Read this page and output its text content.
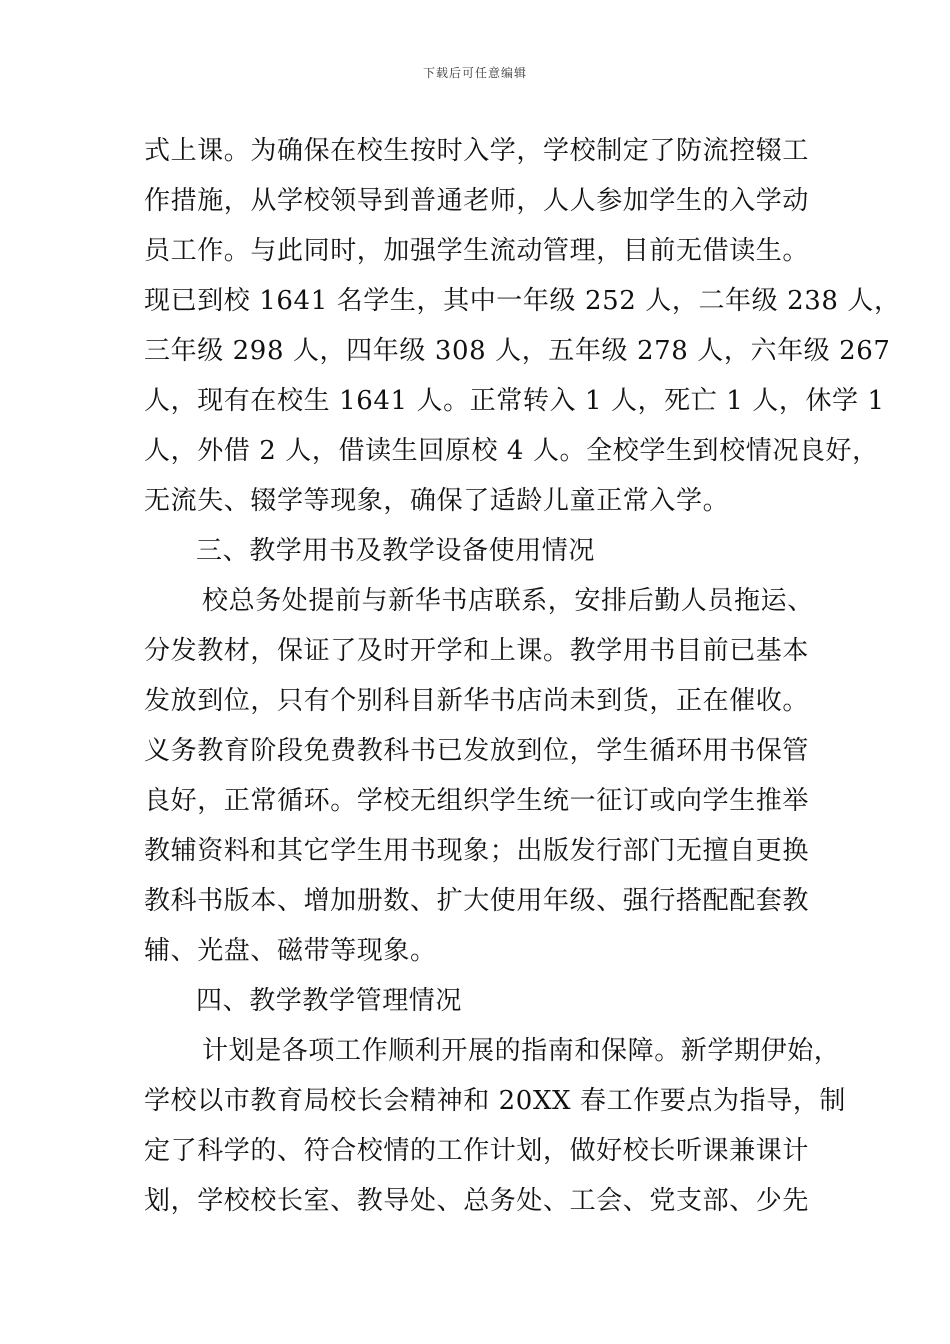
下载后可任意编辑
式上课。为确保在校生按时入学，学校制定了防流控辍工
作措施，从学校领导到普通老师，人人参加学生的入学动
员工作。与此同时，加强学生流动管理，目前无借读生。
现已到校 1641 名学生，其中一年级 252 人，二年级 238 人，
三年级 298 人，四年级 308 人，五年级 278 人，六年级 267
人，现有在校生 1641 人。正常转入 1 人，死亡 1 人，休学 1
人，外借 2 人，借读生回原校 4 人。全校学生到校情况良好，
无流失、辍学等现象，确保了适龄儿童正常入学。
三、教学用书及教学设备使用情况
校总务处提前与新华书店联系，安排后勤人员拖运、
分发教材，保证了及时开学和上课。教学用书目前已基本
发放到位，只有个别科目新华书店尚未到货，正在催收。
义务教育阶段免费教科书已发放到位，学生循环用书保管
良好，正常循环。学校无组织学生统一征订或向学生推举
教辅资料和其它学生用书现象；出版发行部门无擅自更换
教科书版本、增加册数、扩大使用年级、强行搭配配套教
辅、光盘、磁带等现象。
四、教学教学管理情况
计划是各项工作顺利开展的指南和保障。新学期伊始，
学校以市教育局校长会精神和 20XX 春工作要点为指导，制
定了科学的、符合校情的工作计划，做好校长听课兼课计
划，学校校长室、教导处、总务处、工会、党支部、少先
